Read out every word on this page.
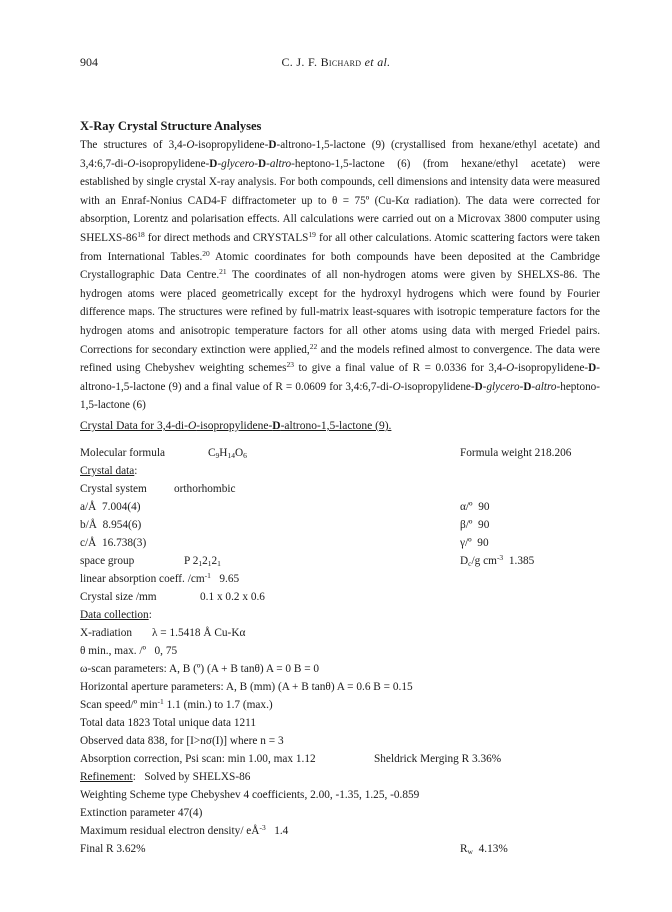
904	C. J. F. Bichard et al.
X-Ray Crystal Structure Analyses
The structures of 3,4-O-isopropylidene-D-altrono-1,5-lactone (9) (crystallised from hexane/ethyl acetate) and 3,4:6,7-di-O-isopropylidene-D-glycero-D-altro-heptono-1,5-lactone (6) (from hexane/ethyl acetate) were established by single crystal X-ray analysis. For both compounds, cell dimensions and intensity data were measured with an Enraf-Nonius CAD4-F diffractometer up to θ = 75º (Cu-Kα radiation). The data were corrected for absorption, Lorentz and polarisation effects. All calculations were carried out on a Microvax 3800 computer using SHELXS-$86^{18}$ for direct methods and CRYSTALS$^{19}$ for all other calculations. Atomic scattering factors were taken from International Tables.$^{20}$ Atomic coordinates for both compounds have been deposited at the Cambridge Crystallographic Data Centre.$^{21}$ The coordinates of all non-hydrogen atoms were given by SHELXS-86. The hydrogen atoms were placed geometrically except for the hydroxyl hydrogens which were found by Fourier difference maps. The structures were refined by full-matrix least-squares with isotropic temperature factors for the hydrogen atoms and anisotropic temperature factors for all other atoms using data with merged Friedel pairs. Corrections for secondary extinction were applied,$^{22}$ and the models refined almost to convergence. The data were refined using Chebyshev weighting schemes$^{23}$ to give a final value of R = 0.0336 for 3,4-O-isopropylidene-D-altrono-1,5-lactone (9) and a final value of R = 0.0609 for 3,4:6,7-di-O-isopropylidene-D-glycero-D-altro-heptono-1,5-lactone (6)
Crystal Data for 3,4-di-O-isopropylidene-D-altrono-1,5-lactone (9).
Molecular formula	$C_9H_{14}O_6$	Formula weight 218.206
Crystal data:
Crystal system orthorhombic
a/Å 7.004(4)	α/º 90
b/Å 8.954(6)	β/º 90
c/Å 16.738(3)	γ/º 90
space group	P $2_12_12_1$	$D_c/g$ $cm^{-3}$ 1.385
linear absorption coeff. $/cm^{-1}$ 9.65
Crystal size /mm	0.1 x 0.2 x 0.6
Data collection:
X-radiation λ = 1.5418 Å Cu-Kα
θ min., max. /º 0, 75
ω-scan parameters: A, B (º) (A + B tanθ) A = 0 B = 0
Horizontal aperture parameters: A, B (mm) (A + B tanθ) A = 0.6 B = 0.15
Scan speed/º $\min^{-1} 1.1$ (min.) to 1.7 (max.)
Total data 1823 Total unique data 1211
Observed data 838, for [I>nσ(I)] where n = 3
Absorption correction, Psi scan: min 1.00, max 1.12	Sheldrick Merging R 3.36%
Refinement: Solved by SHELXS-86
Weighting Scheme type Chebyshev 4 coefficients, 2.00, -1.35, 1.25, -0.859
Extinction parameter 47(4)
Maximum residual electron density/ $eÅ^{-3}$ 1.4
Final R 3.62%	$R_w$ 4.13%
